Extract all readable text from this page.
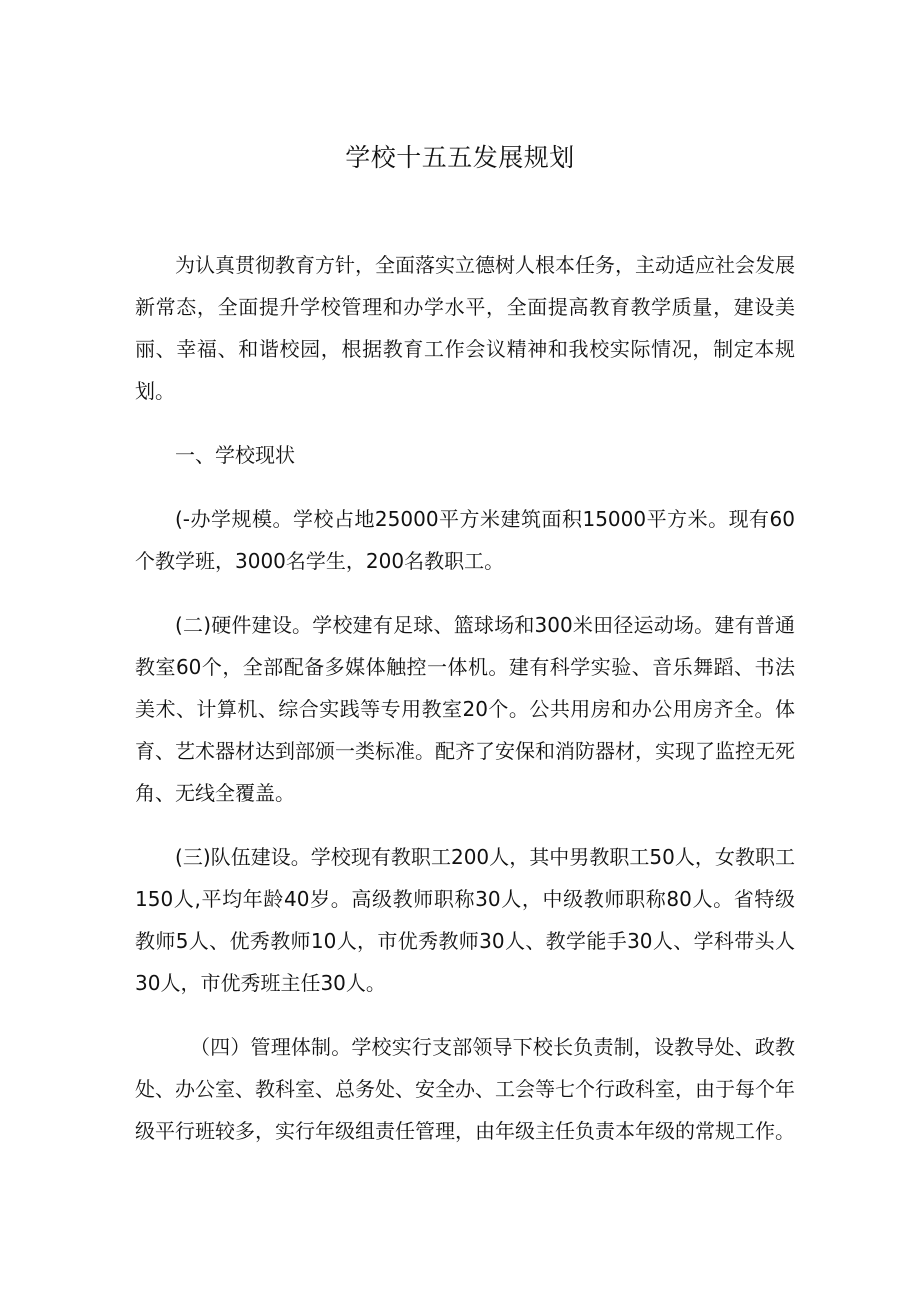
学校十五五发展规划

为认真贯彻教育方针，全面落实立德树人根本任务，主动适应社会发展新常态，全面提升学校管理和办学水平，全面提高教育教学质量，建设美丽、幸福、和谐校园，根据教育工作会议精神和我校实际情况，制定本规划。

一、学校现状

(-办学规模。学校占地25000平方米建筑面积15000平方米。现有60个教学班，3000名学生，200名教职工。

(二)硬件建设。学校建有足球、篮球场和300米田径运动场。建有普通教室60个，全部配备多媒体触控一体机。建有科学实验、音乐舞蹈、书法美术、计算机、综合实践等专用教室20个。公共用房和办公用房齐全。体育、艺术器材达到部颁一类标准。配齐了安保和消防器材，实现了监控无死角、无线全覆盖。

(三)队伍建设。学校现有教职工200人，其中男教职工50人，女教职工150人,平均年龄40岁。高级教师职称30人，中级教师职称80人。省特级教师5人、优秀教师10人，市优秀教师30人、教学能手30人、学科带头人30人，市优秀班主任30人。

（四）管理体制。学校实行支部领导下校长负责制，设教导处、政教处、办公室、教科室、总务处、安全办、工会等七个行政科室，由于每个年级平行班较多，实行年级组责任管理，由年级主任负责本年级的常规工作。
